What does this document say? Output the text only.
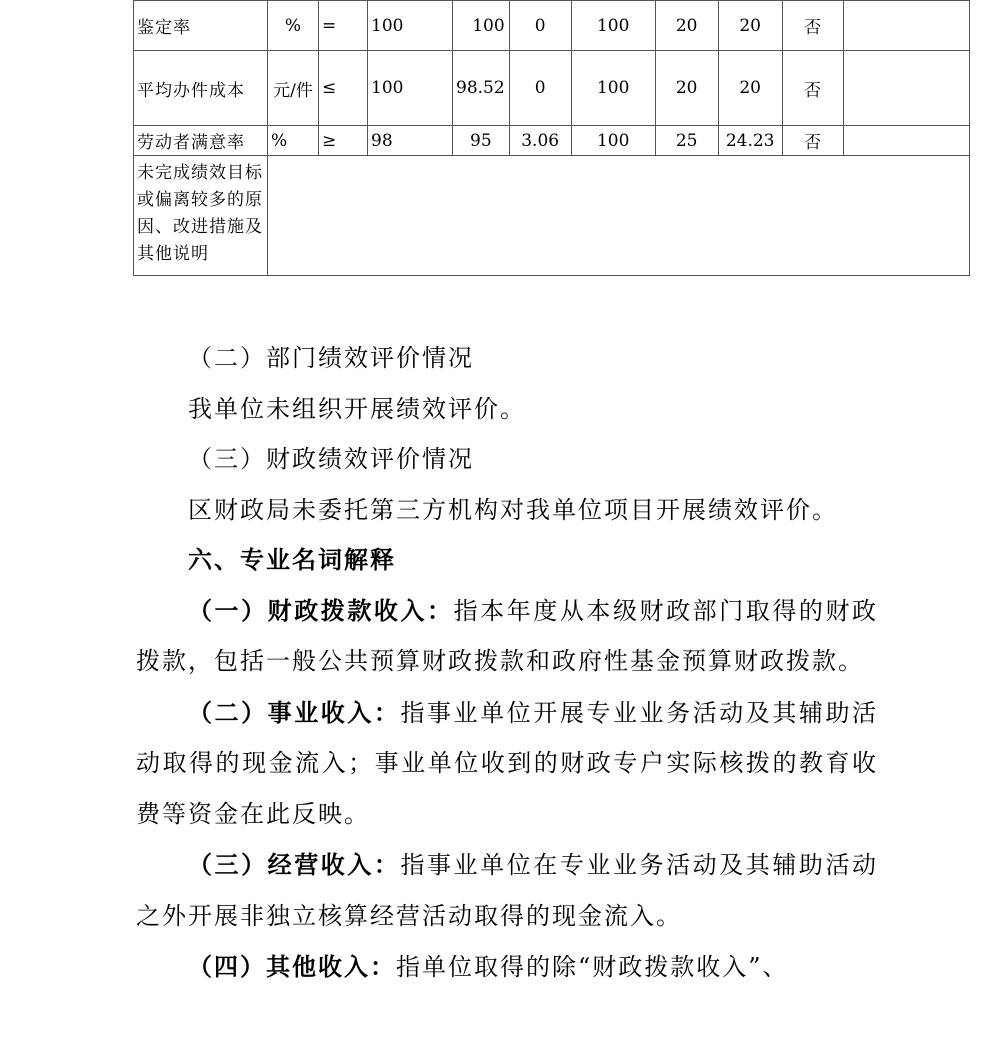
鉴定率	%	=	100	100	0	100	20	20	否	
平均办件成本	元/件	≤	100	98.52	0	100	20	20	否	
劳动者满意率	%	≥	98	95	3.06	100	25	24.23	否	
未完成绩效目标或偏离较多的原因、改进措施及其他说明										

（二）部门绩效评价情况

我单位未组织开展绩效评价。

（三）财政绩效评价情况

区财政局未委托第三方机构对我单位项目开展绩效评价。

六、专业名词解释

（一）财政拨款收入：指本年度从本级财政部门取得的财政拨款，包括一般公共预算财政拨款和政府性基金预算财政拨款。

（二）事业收入：指事业单位开展专业业务活动及其辅助活动取得的现金流入；事业单位收到的财政专户实际核拨的教育收费等资金在此反映。

（三）经营收入：指事业单位在专业业务活动及其辅助活动之外开展非独立核算经营活动取得的现金流入。

（四）其他收入：指单位取得的除“财政拨款收入”、
